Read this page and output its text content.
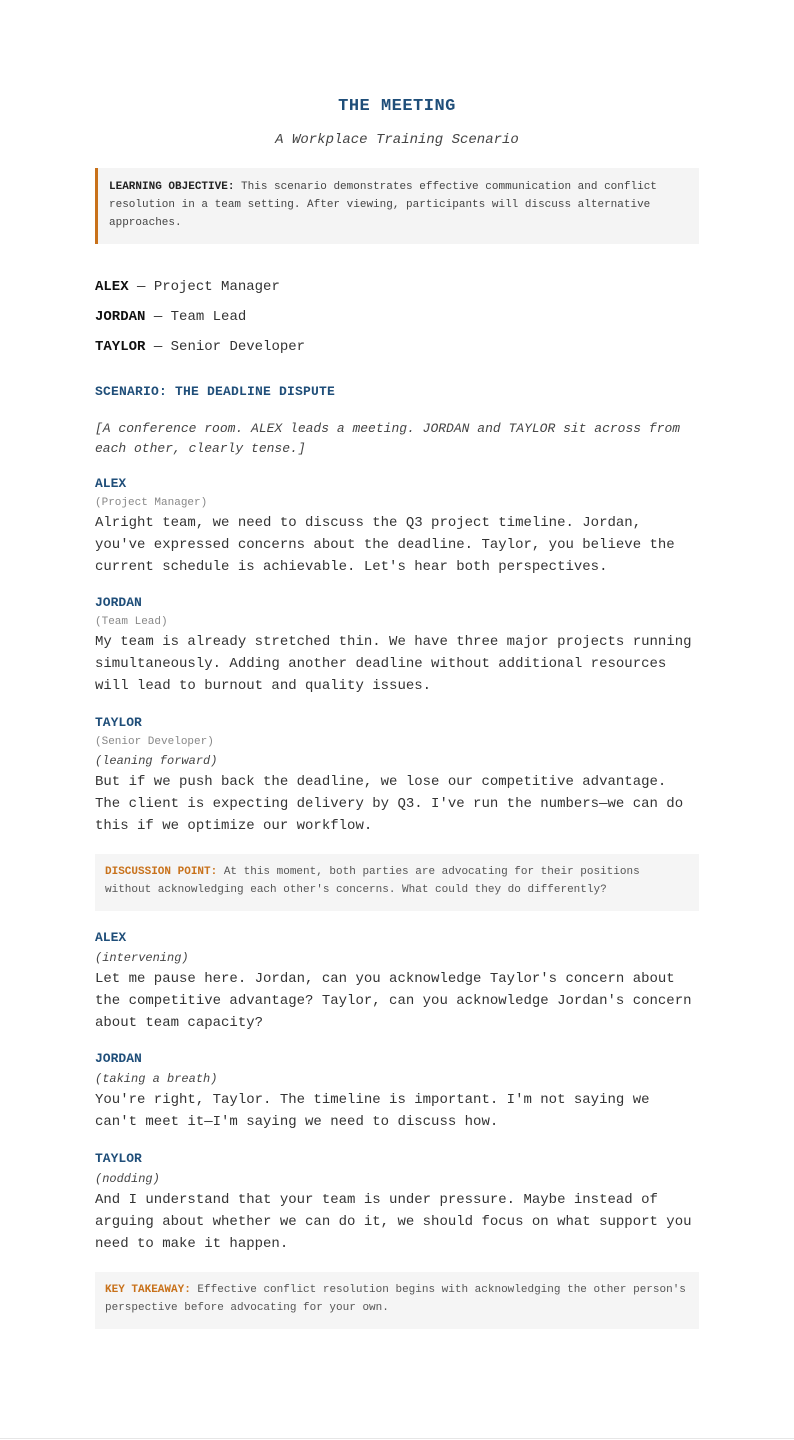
THE MEETING
A Workplace Training Scenario
LEARNING OBJECTIVE: This scenario demonstrates effective communication and conflict resolution in a team setting. After viewing, participants will discuss alternative approaches.
ALEX — Project Manager
JORDAN — Team Lead
TAYLOR — Senior Developer
SCENARIO: THE DEADLINE DISPUTE
[A conference room. ALEX leads a meeting. JORDAN and TAYLOR sit across from each other, clearly tense.]
ALEX
(Project Manager)
Alright team, we need to discuss the Q3 project timeline. Jordan, you've expressed concerns about the deadline. Taylor, you believe the current schedule is achievable. Let's hear both perspectives.
JORDAN
(Team Lead)
My team is already stretched thin. We have three major projects running simultaneously. Adding another deadline without additional resources will lead to burnout and quality issues.
TAYLOR
(Senior Developer)
(leaning forward)
But if we push back the deadline, we lose our competitive advantage. The client is expecting delivery by Q3. I've run the numbers—we can do this if we optimize our workflow.
DISCUSSION POINT: At this moment, both parties are advocating for their positions without acknowledging each other's concerns. What could they do differently?
ALEX
(intervening)
Let me pause here. Jordan, can you acknowledge Taylor's concern about the competitive advantage? Taylor, can you acknowledge Jordan's concern about team capacity?
JORDAN
(taking a breath)
You're right, Taylor. The timeline is important. I'm not saying we can't meet it—I'm saying we need to discuss how.
TAYLOR
(nodding)
And I understand that your team is under pressure. Maybe instead of arguing about whether we can do it, we should focus on what support you need to make it happen.
KEY TAKEAWAY: Effective conflict resolution begins with acknowledging the other person's perspective before advocating for your own.
